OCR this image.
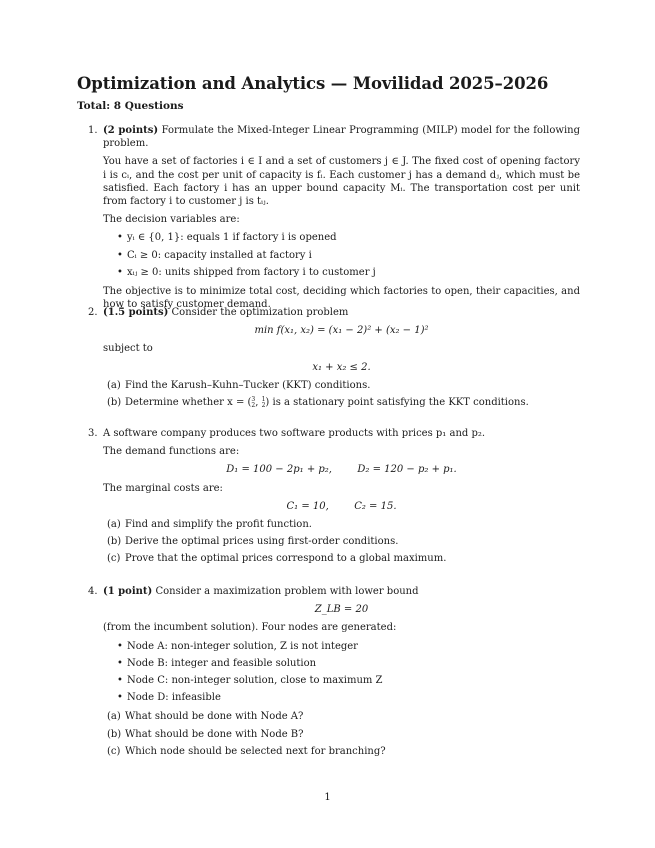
Optimization and Analytics — Movilidad 2025–2026
Total: 8 Questions
1. (2 points) Formulate the Mixed-Integer Linear Programming (MILP) model for the following problem.

You have a set of factories i ∈ I and a set of customers j ∈ J. The fixed cost of opening factory i is cᵢ, and the cost per unit of capacity is fᵢ. Each customer j has a demand dⱼ, which must be satisfied. Each factory i has an upper bound capacity Mᵢ. The transportation cost per unit from factory i to customer j is tᵢⱼ.

The decision variables are:

• yᵢ ∈ {0, 1}: equals 1 if factory i is opened
• Cᵢ ≥ 0: capacity installed at factory i
• xᵢⱼ ≥ 0: units shipped from factory i to customer j

The objective is to minimize total cost, deciding which factories to open, their capacities, and how to satisfy customer demand.

2. (1.5 points) Consider the optimization problem

min f(x₁, x₂) = (x₁ − 2)² + (x₂ − 1)²

subject to

x₁ + x₂ ≤ 2.
(a) Find the Karush–Kuhn–Tucker (KKT) conditions.
(b) Determine whether x = ( 3
2 , 1
2 ) is a stationary point satisfying the KKT conditions.
3. A software company produces two software products with prices p₁ and p₂.

The demand functions are:

D₁ = 100 − 2p₁ + p₂,        D₂ = 120 − p₂ + p₁.

The marginal costs are:

C₁ = 10,        C₂ = 15.
(a) Find and simplify the profit function.
(b) Derive the optimal prices using first-order conditions.
(c) Prove that the optimal prices correspond to a global maximum.
4. (1 point) Consider a maximization problem with lower bound

Z_LB = 20

(from the incumbent solution). Four nodes are generated:

• Node A: non-integer solution, Z is not integer
• Node B: integer and feasible solution
• Node C: non-integer solution, close to maximum Z
• Node D: infeasible
(a) What should be done with Node A?
(b) What should be done with Node B?
(c) Which node should be selected next for branching?
1
